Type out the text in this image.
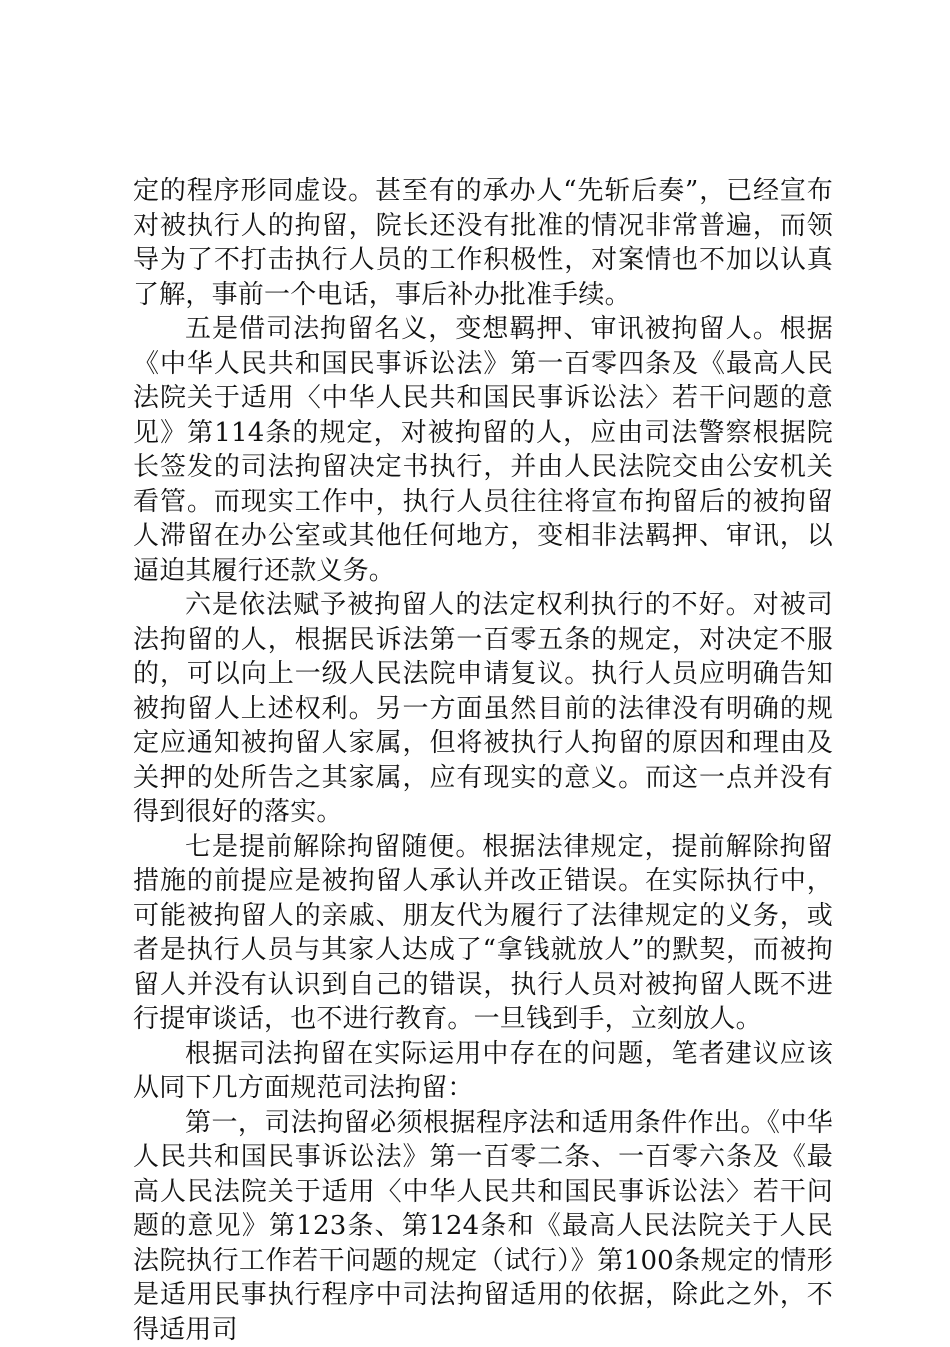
定的程序形同虚设。甚至有的承办人“先斩后奏”，已经宣布对被执行人的拘留，院长还没有批准的情况非常普遍，而领导为了不打击执行人员的工作积极性，对案情也不加以认真了解，事前一个电话，事后补办批准手续。

五是借司法拘留名义，变想羁押、审讯被拘留人。根据《中华人民共和国民事诉讼法》第一百零四条及《最高人民法院关于适用〈中华人民共和国民事诉讼法〉若干问题的意见》第114条的规定，对被拘留的人，应由司法警察根据院长签发的司法拘留决定书执行，并由人民法院交由公安机关看管。而现实工作中，执行人员往往将宣布拘留后的被拘留人滞留在办公室或其他任何地方，变相非法羁押、审讯，以逼迫其履行还款义务。

六是依法赋予被拘留人的法定权利执行的不好。对被司法拘留的人，根据民诉法第一百零五条的规定，对决定不服的，可以向上一级人民法院申请复议。执行人员应明确告知被拘留人上述权利。另一方面虽然目前的法律没有明确的规定应通知被拘留人家属，但将被执行人拘留的原因和理由及关押的处所告之其家属，应有现实的意义。而这一点并没有得到很好的落实。

七是提前解除拘留随便。根据法律规定，提前解除拘留措施的前提应是被拘留人承认并改正错误。在实际执行中，可能被拘留人的亲戚、朋友代为履行了法律规定的义务，或者是执行人员与其家人达成了“拿钱就放人”的默契，而被拘留人并没有认识到自己的错误，执行人员对被拘留人既不进行提审谈话，也不进行教育。一旦钱到手，立刻放人。

根据司法拘留在实际运用中存在的问题，笔者建议应该从同下几方面规范司法拘留：

第一，司法拘留必须根据程序法和适用条件作出。《中华人民共和国民事诉讼法》第一百零二条、一百零六条及《最高人民法院关于适用〈中华人民共和国民事诉讼法〉若干问题的意见》第123条、第124条和《最高人民法院关于人民法院执行工作若干问题的规定（试行）》第100条规定的情形是适用民事执行程序中司法拘留适用的依据，除此之外，不得适用司
